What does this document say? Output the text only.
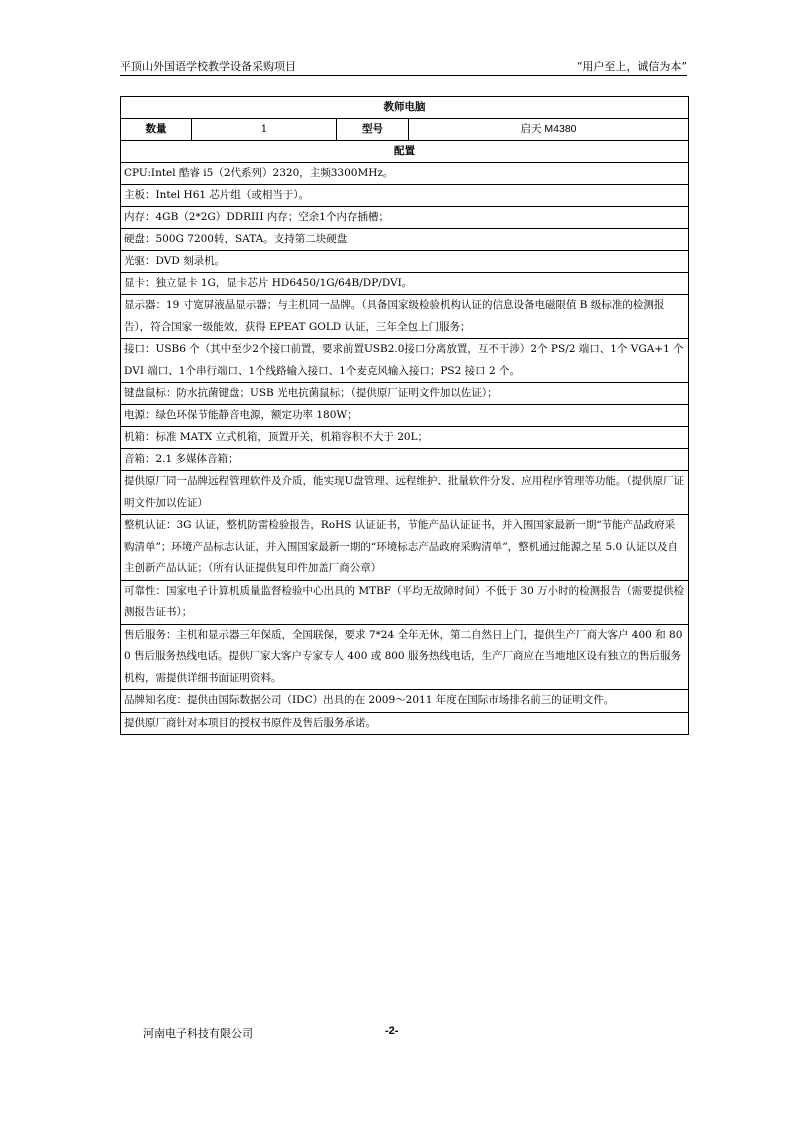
平顶山外国语学校教学设备采购项目	“用户至上，诚信为本”
教师电脑
数量	1	型号	启天 M4380
配置
CPU:Intel 酷睿 i5（2代系列）2320，主频3300MHz。
主板：Intel H61 芯片组（或相当于）。
内存：4GB（2*2G）DDRIII 内存；空余1个内存插槽；
硬盘：500G 7200转，SATA。支持第二块硬盘
光驱：DVD 刻录机。
显卡：独立显卡 1G，显卡芯片 HD6450/1G/64B/DP/DVI。
显示器：19 寸宽屏液晶显示器；与主机同一品牌。（具备国家级检验机构认证的信息设备电磁限值 B 级标准的检测报告），符合国家一级能效，获得 EPEAT GOLD 认证，三年全包上门服务；
接口：USB6 个（其中至少2个接口前置，要求前置USB2.0接口分离放置，互不干涉）2个 PS/2 端口、1个 VGA+1 个 DVI 端口、1个串行端口、1个线路输入接口、1个麦克风输入接口；PS2 接口 2 个。
键盘鼠标：防水抗菌键盘；USB 光电抗菌鼠标；（提供原厂证明文件加以佐证）；
电源：绿色环保节能静音电源，额定功率 180W；
机箱：标准 MATX 立式机箱，顶置开关，机箱容积不大于 20L；
音箱：2.1 多媒体音箱；
提供原厂同一品牌远程管理软件及介质，能实现U盘管理、远程维护、批量软件分发、应用程序管理等功能。（提供原厂证明文件加以佐证）
整机认证：3G 认证，整机防雷检验报告，RoHS 认证证书，节能产品认证证书，并入围国家最新一期“节能产品政府采购清单”；环境产品标志认证，并入围国家最新一期的“环境标志产品政府采购清单”，整机通过能源之星 5.0 认证以及自主创新产品认证；（所有认证提供复印件加盖厂商公章）
可靠性：国家电子计算机质量监督检验中心出具的 MTBF（平均无故障时间）不低于 30 万小时的检测报告（需要提供检测报告证书）；
售后服务：主机和显示器三年保质，全国联保，要求 7*24 全年无休，第二自然日上门，提供生产厂商大客户 400 和 800 售后服务热线电话。提供厂家大客户专家专人 400 或 800 服务热线电话，生产厂商应在当地地区设有独立的售后服务机构，需提供详细书面证明资料。
品牌知名度：提供由国际数据公司（IDC）出具的在 2009～2011 年度在国际市场排名前三的证明文件。
提供原厂商针对本项目的授权书原件及售后服务承诺。
河南电子科技有限公司	-2-
